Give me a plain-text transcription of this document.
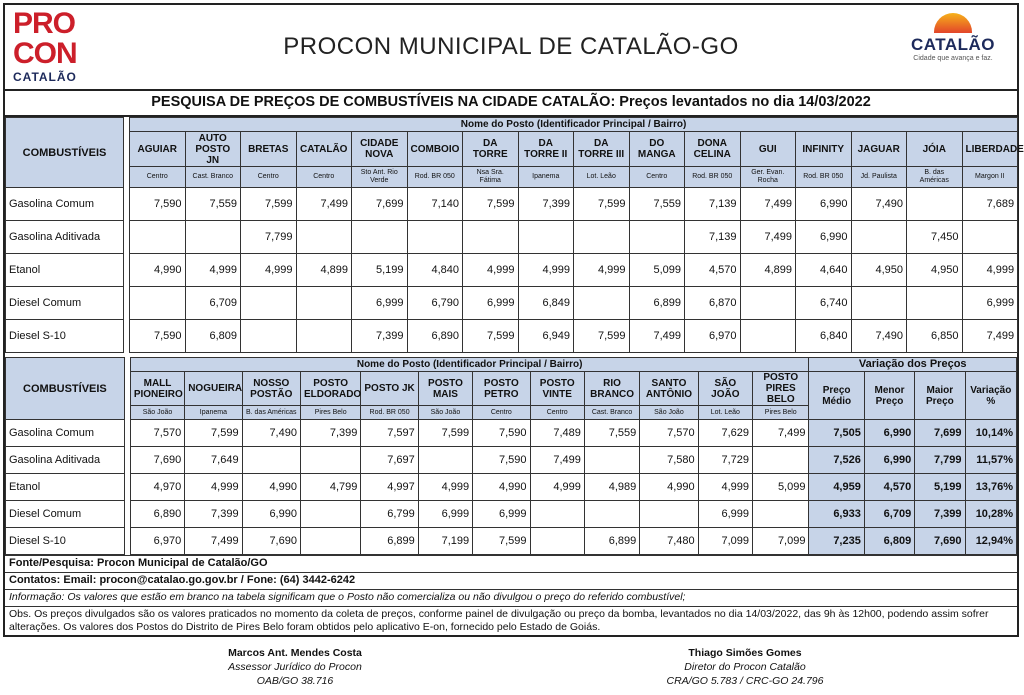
PRO
CON
CATALÃO
PROCON MUNICIPAL DE CATALÃO-GO	CATALÃO
Cidade que avança e faz.
PESQUISA DE PREÇOS DE COMBUSTÍVEIS NA CIDADE CATALÃO: Preços levantados no dia 14/03/2022
COMBUSTÍVEIS		Nome do Posto (Identificador Principal / Bairro)															
		AGUIAR	AUTO POSTO JN	BRETAS	CATALÃO	CIDADE NOVA	COMBOIO	DA TORRE	DA TORRE II	DA TORRE III	DO MANGA	DONA CELINA	GUI	INFINITY	JAGUAR	JÓIA	LIBERDADE
		Centro	Cast. Branco	Centro	Centro	Sto Ant. Rio Verde	Rod. BR 050	Nsa Sra. Fátima	Ipanema	Lot. Leão	Centro	Rod. BR 050	Ger. Evan. Rocha	Rod. BR 050	Jd. Paulista	B. das Américas	Margon II
Gasolina Comum		7,590	7,559	7,599	7,499	7,699	7,140	7,599	7,399	7,599	7,559	7,139	7,499	6,990	7,490		7,689
Gasolina Aditivada				7,799								7,139	7,499	6,990		7,450	
Etanol		4,990	4,999	4,999	4,899	5,199	4,840	4,999	4,999	4,999	5,099	4,570	4,899	4,640	4,950	4,950	4,999
Diesel Comum			6,709			6,999	6,790	6,999	6,849		6,899	6,870		6,740			6,999
Diesel S-10		7,590	6,809			7,399	6,890	7,599	6,949	7,599	7,499	6,970		6,840	7,490	6,850	7,499
COMBUSTÍVEIS		Nome do Posto (Identificador Principal / Bairro)												Variação dos Preços			
		MALL PIONEIRO	NOGUEIRA	NOSSO POSTÃO	POSTO ELDORADO	POSTO JK	POSTO MAIS	POSTO PETRO	POSTO VINTE	RIO BRANCO	SANTO ANTÔNIO	SÃO JOÃO	POSTO PIRES BELO	Preço Médio	Menor Preço	Maior Preço	Variação %
		São João	Ipanema	B. das Américas	Pires Belo	Rod. BR 050	São João	Centro	Centro	Cast. Branco	São João	Lot. Leão	Pires Belo				
Gasolina Comum		7,570	7,599	7,490	7,399	7,597	7,599	7,590	7,489	7,559	7,570	7,629	7,499	7,505	6,990	7,699	10,14%
Gasolina Aditivada		7,690	7,649			7,697		7,590	7,499		7,580	7,729		7,526	6,990	7,799	11,57%
Etanol		4,970	4,999	4,990	4,799	4,997	4,999	4,990	4,999	4,989	4,990	4,999	5,099	4,959	4,570	5,199	13,76%
Diesel Comum		6,890	7,399	6,990		6,799	6,999	6,999				6,999		6,933	6,709	7,399	10,28%
Diesel S-10		6,970	7,499	7,690		6,899	7,199	7,599		6,899	7,480	7,099	7,099	7,235	6,809	7,690	12,94%
Fonte/Pesquisa: Procon Municipal de Catalão/GO
Contatos: Email: procon@catalao.go.gov.br / Fone: (64) 3442-6242
Informação: Os valores que estão em branco na tabela significam que o Posto não comercializa ou não divulgou o preço do referido combustível;
Obs. Os preços divulgados são os valores praticados no momento da coleta de preços, conforme painel de divulgação ou preço da bomba, levantados no dia 14/03/2022, das 9h às 12h00, podendo assim sofrer alterações. Os valores dos Postos do Distrito de Pires Belo foram obtidos pelo aplicativo E-on, fornecido pelo Estado de Goiás.
Marcos Ant. Mendes Costa
Assessor Jurídico do Procon
OAB/GO 38.716
Thiago Simões Gomes
Diretor do Procon Catalão
CRA/GO 5.783 / CRC-GO 24.796
